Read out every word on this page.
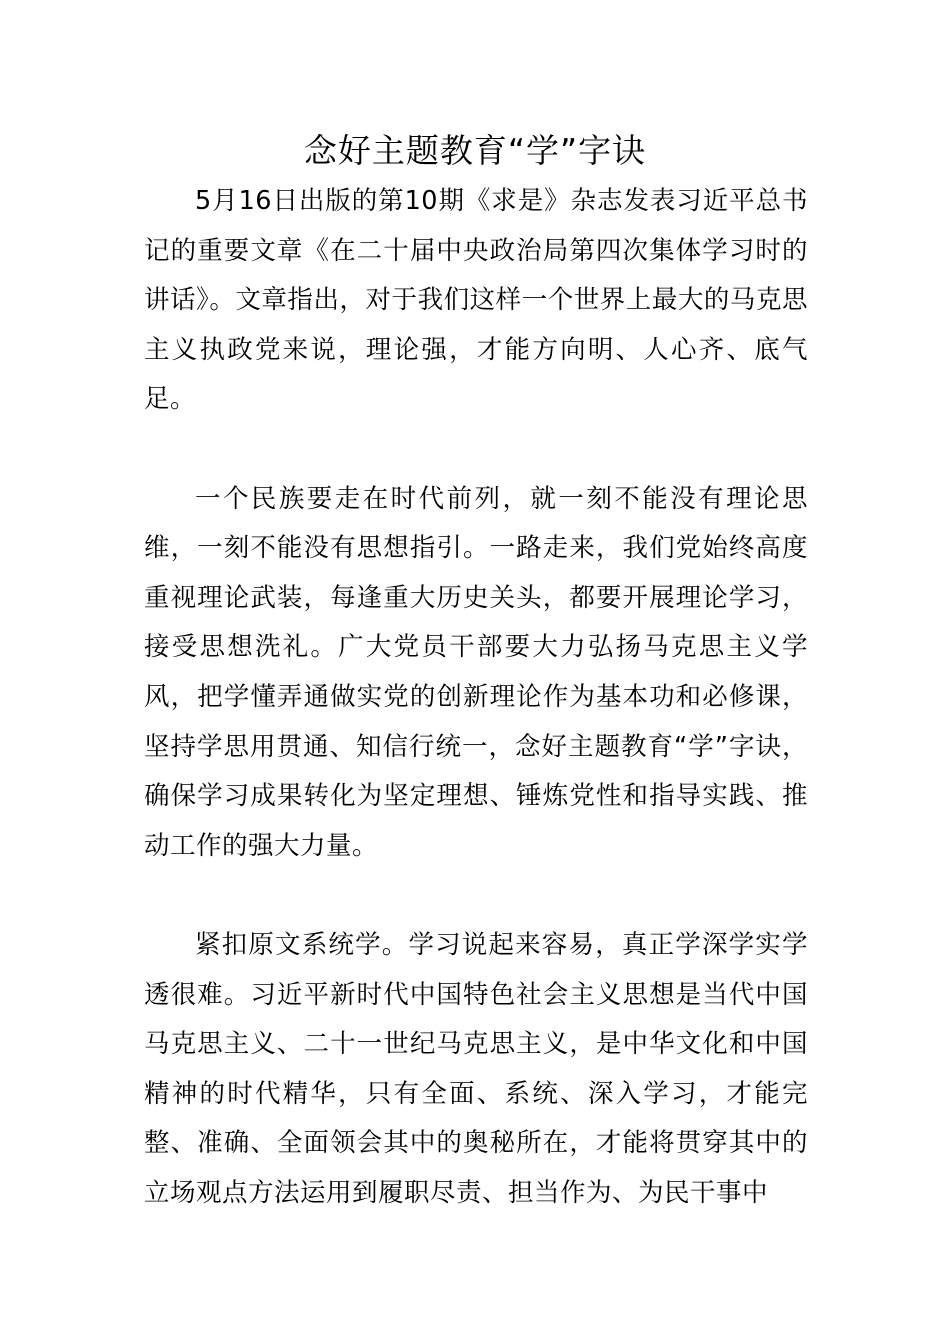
念好主题教育“学”字诀

5月16日出版的第10期《求是》杂志发表习近平总书记的重要文章《在二十届中央政治局第四次集体学习时的讲话》。文章指出，对于我们这样一个世界上最大的马克思主义执政党来说，理论强，才能方向明、人心齐、底气足。

一个民族要走在时代前列，就一刻不能没有理论思维，一刻不能没有思想指引。一路走来，我们党始终高度重视理论武装，每逢重大历史关头，都要开展理论学习，接受思想洗礼。广大党员干部要大力弘扬马克思主义学风，把学懂弄通做实党的创新理论作为基本功和必修课，坚持学思用贯通、知信行统一，念好主题教育“学”字诀，确保学习成果转化为坚定理想、锤炼党性和指导实践、推动工作的强大力量。

紧扣原文系统学。学习说起来容易，真正学深学实学透很难。习近平新时代中国特色社会主义思想是当代中国马克思主义、二十一世纪马克思主义，是中华文化和中国精神的时代精华，只有全面、系统、深入学习，才能完整、准确、全面领会其中的奥秘所在，才能将贯穿其中的立场观点方法运用到履职尽责、担当作为、为民干事中
